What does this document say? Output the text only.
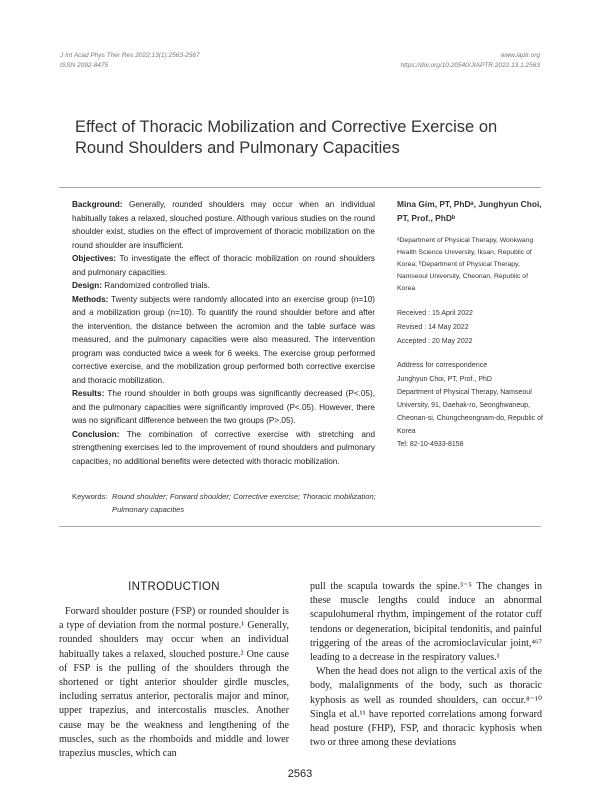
J Int Acad Phys Ther Res 2022;13(1):2563-2567
ISSN 2092-8475
www.iaptr.org
https://doi.org/10.20540/JIAPTR.2022.13.1.2563
Effect of Thoracic Mobilization and Corrective Exercise on Round Shoulders and Pulmonary Capacities

Background: Generally, rounded shoulders may occur when an individual habitually takes a relaxed, slouched posture. Although various studies on the round shoulder exist, studies on the effect of improvement of thoracic mobilization on the round shoulder are insufficient.

Objectives: To investigate the effect of thoracic mobilization on round shoulders and pulmonary capacities.

Design: Randomized controlled trials.

Methods: Twenty subjects were randomly allocated into an exercise group (n=10) and a mobilization group (n=10). To quantify the round shoulder before and after the intervention, the distance between the acromion and the table surface was measured, and the pulmonary capacities were also measured. The intervention program was conducted twice a week for 6 weeks. The exercise group performed corrective exercise, and the mobilization group performed both corrective exercise and thoracic mobilization.

Results: The round shoulder in both groups was significantly decreased (P<.05), and the pulmonary capacities were significantly improved (P<.05). However, there was no significant difference between the two groups (P>.05).

Conclusion: The combination of corrective exercise with stretching and strengthening exercises led to the improvement of round shoulders and pulmonary capacities, no additional benefits were detected with thoracic mobilization.

Mina Gim, PT, PhDᵃ, Junghyun Choi, PT, Prof., PhDᵇ
ᵃDepartment of Physical Therapy, Wonkwang Health Science University, Iksan, Republic of Korea; ᵇDepartment of Physical Therapy, Namseoul University, Cheonan, Republic of Korea
Received : 15 April 2022
Revised : 14 May 2022
Accepted : 20 May 2022
Address for correspondence
Junghyun Choi, PT, Prof., PhD
Department of Physical Therapy, Namseoul University, 91, Daehak-ro, Seonghwaneup, Cheonan-si, Chungcheongnam-do, Republic of Korea
Tel: 82-10-4933-8158
Keywords: Round shoulder; Forward shoulder; Corrective exercise; Thoracic mobilization; Pulmonary capacities
INTRODUCTION

Forward shoulder posture (FSP) or rounded shoulder is a type of deviation from the normal posture.¹ Generally, rounded shoulders may occur when an individual habitually takes a relaxed, slouched posture.² One cause of FSP is the pulling of the shoulders through the shortened or tight anterior shoulder girdle muscles, including serratus anterior, pectoralis major and minor, upper trapezius, and intercostalis muscles. Another cause may be the weakness and lengthening of the muscles, such as the rhomboids and middle and lower trapezius muscles, which can

pull the scapula towards the spine.³⁻⁵ The changes in these muscle lengths could induce an abnormal scapulohumeral rhythm, impingement of the rotator cuff tendons or degeneration, bicipital tendonitis, and painful triggering of the areas of the acromioclavicular joint,⁴⁶⁷ leading to a decrease in the respiratory values.¹

When the head does not align to the vertical axis of the body, malalignments of the body, such as thoracic kyphosis as well as rounded shoulders, can occur.⁸⁻¹⁰ Singla et al.¹¹ have reported correlations among forward head posture (FHP), FSP, and thoracic kyphosis when two or three among these deviations

2563
